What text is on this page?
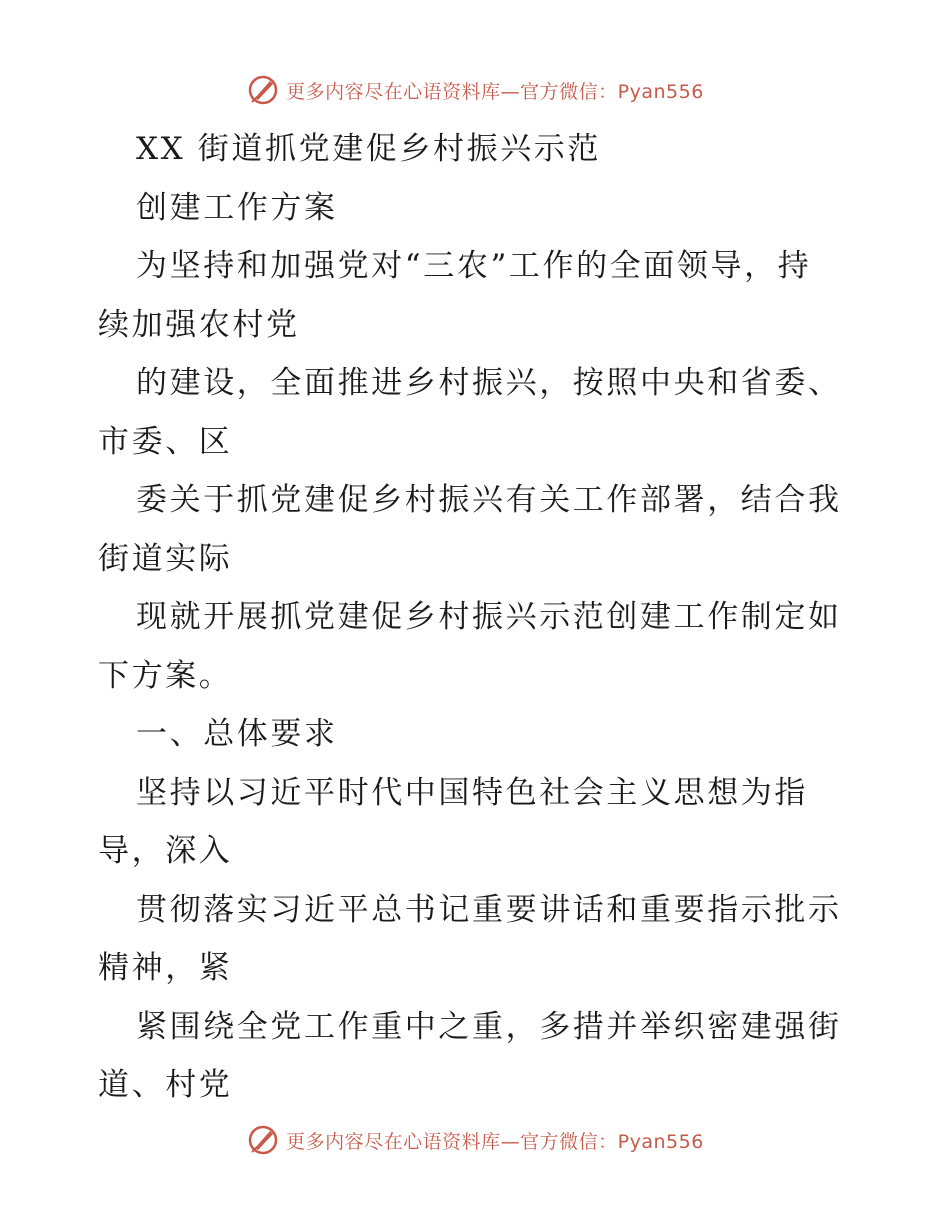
更多内容尽在心语资料库—官方微信：Pyan556
XX 街道抓党建促乡村振兴示范
创建工作方案
为坚持和加强党对“三农”工作的全面领导，持
续加强农村党
的建设，全面推进乡村振兴，按照中央和省委、
市委、区
委关于抓党建促乡村振兴有关工作部署，结合我
街道实际
现就开展抓党建促乡村振兴示范创建工作制定如
下方案。
一、总体要求
坚持以习近平时代中国特色社会主义思想为指
导，深入
贯彻落实习近平总书记重要讲话和重要指示批示
精神，紧
紧围绕全党工作重中之重，多措并举织密建强街
道、村党
更多内容尽在心语资料库—官方微信：Pyan556
